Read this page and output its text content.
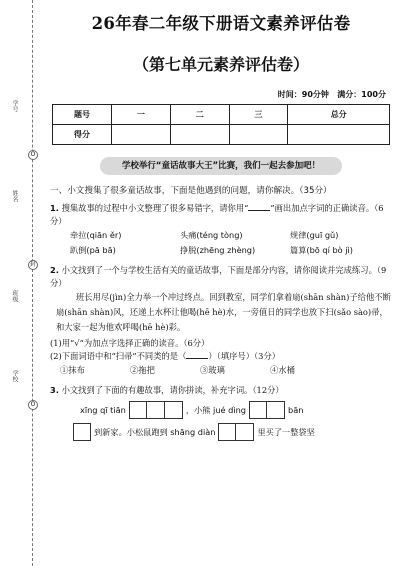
学号
姓名
班级
学校
O
封
O
26年春二年级下册语文素养评估卷
（第七单元素养评估卷）
时间：90分钟 满分：100分
题号	一	二	三	总分
得分				
学校举行“童话故事大王”比赛，我们一起去参加吧！
一、小文搜集了很多童话故事，下面是他遇到的问题，请你解决。（35分）
1. 搜集故事的过程中小文整理了很多易错字，请你用“	”画出加点字词的正确读音。（6分）
牵拉(qiān ěr)	头痛(téng tòng)	规律(guī gǔ)
趴倒(pā bā)	挣脱(zhēng zhèng)	篇算(bō qí bò jì)
2. 小文找到了一个与学校生活有关的童话故事，下面是部分内容，请你阅读并完成练习。（9分）
班长用尽(jìn)全力举一个冲过终点。回到教室，同学们拿着扇(shān shàn)子给他不断扇(shān shàn)风，还递上水杯让他喝(hē hè)水，一旁值日的同学也放下扫(sǎo sào)帚，和大家一起为他欢呼喝(hē hè)彩。
(1)用“√”为加点字选择正确的读音。（6分）
(2)下面词语中和“扫帚”不同类的是（	）（填序号）（3分）
①抹布	②拖把	③玻璃	④水桶
3. 小文找到了下面的有趣故事，请你拼读，补充字词。（12分）
xīng qī tiān	，小熊 jué dìng	bān
到新家。小松鼠跑到 shāng diàn	里买了一整袋坚
